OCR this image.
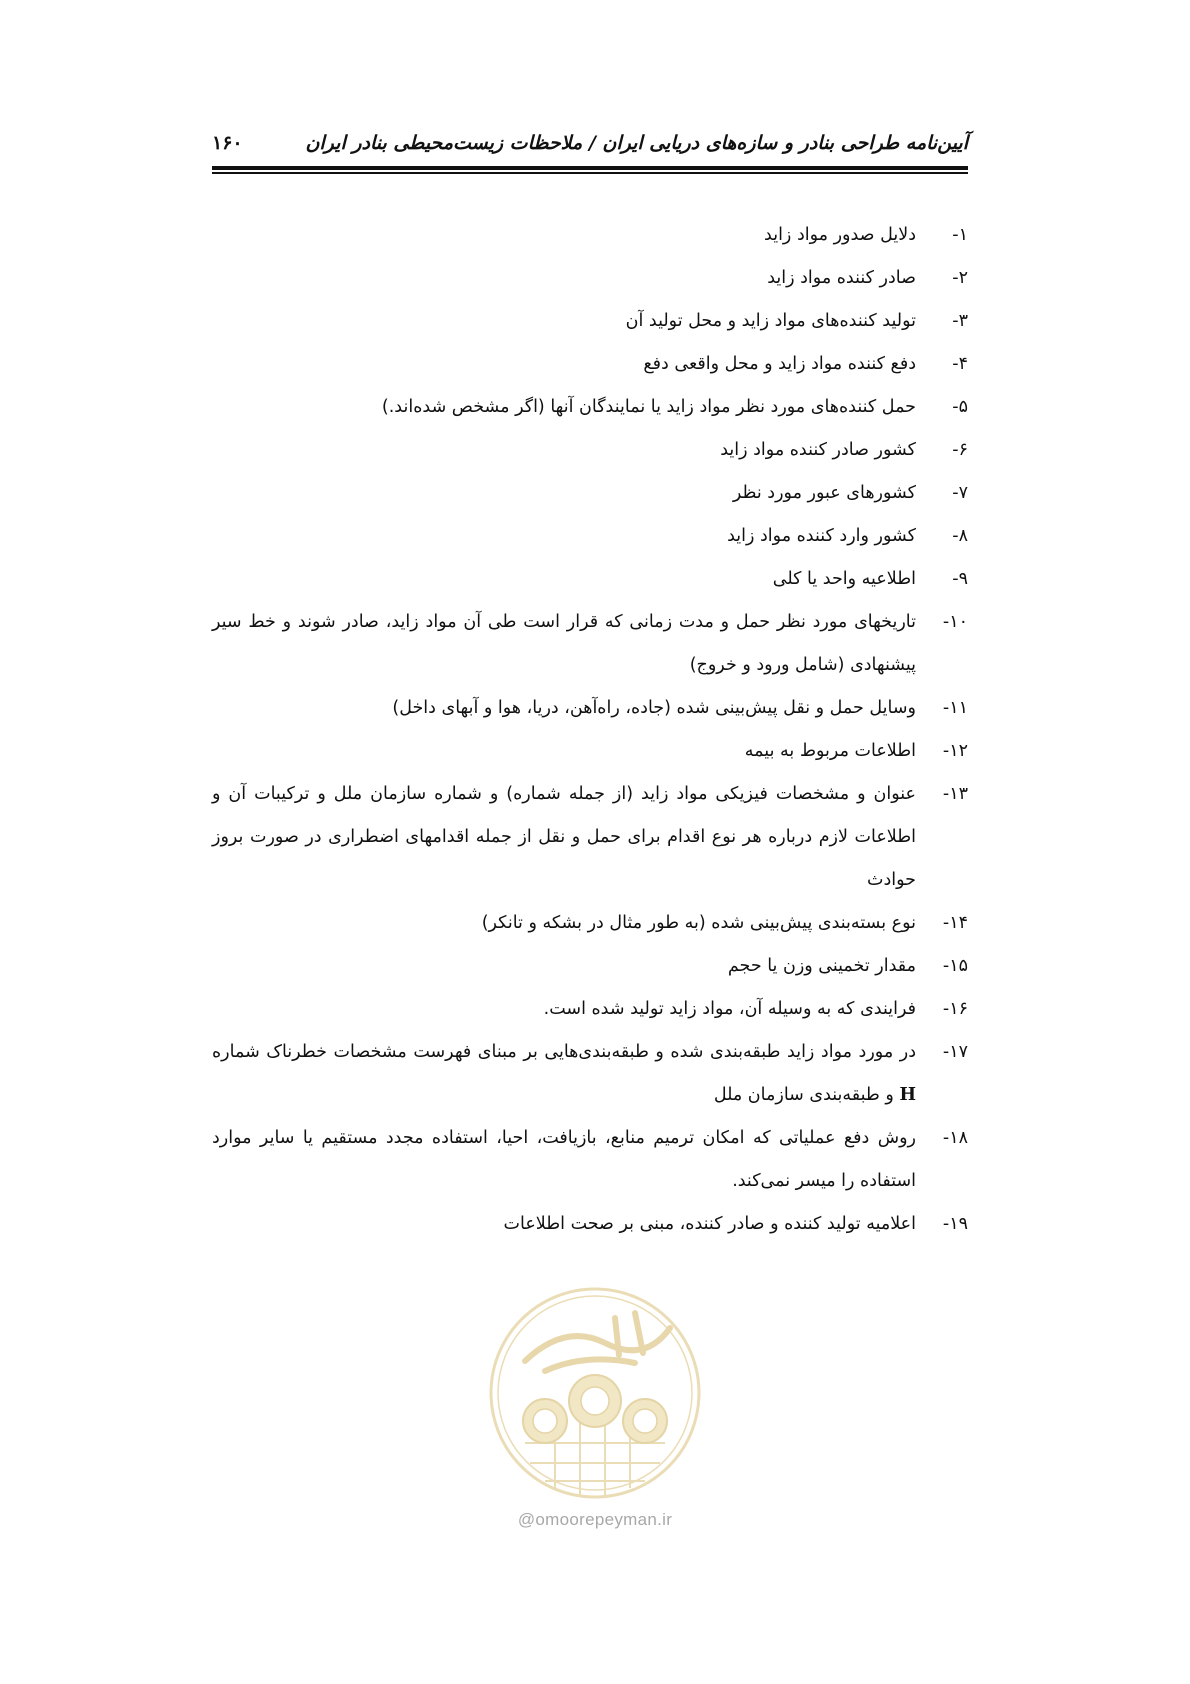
آیین‌نامه طراحی بنادر و سازه‌های دریایی ایران / ملاحظات زیست‌محیطی بنادر ایران
۱۶۰
۱-
دلایل صدور مواد زاید
۲-
صادر کننده مواد زاید
۳-
تولید کننده‌های مواد زاید و محل تولید آن
۴-
دفع کننده مواد زاید و محل واقعی دفع
۵-
حمل کننده‌های مورد نظر مواد زاید یا نمایندگان آنها (اگر مشخص شده‌اند.)
۶-
کشور صادر کننده مواد زاید
۷-
کشورهای عبور مورد نظر
۸-
کشور وارد کننده مواد زاید
۹-
اطلاعیه واحد یا کلی
۱۰-
تاریخهای مورد نظر حمل و مدت زمانی که قرار است طی آن مواد زاید، صادر شوند و خط سیر پیشنهادی (شامل ورود و خروج)
۱۱-
وسایل حمل و نقل پیش‌بینی شده (جاده، راه‌آهن، دریا، هوا و آبهای داخل)
۱۲-
اطلاعات مربوط به بیمه
۱۳-
عنوان و مشخصات فیزیکی مواد زاید (از جمله شماره) و شماره سازمان ملل و ترکیبات آن و اطلاعات لازم درباره هر نوع اقدام برای حمل و نقل از جمله اقدامهای اضطراری در صورت بروز حوادث
۱۴-
نوع بسته‌بندی پیش‌بینی شده (به طور مثال در بشکه و تانکر)
۱۵-
مقدار تخمینی وزن یا حجم
۱۶-
فرایندی که به وسیله آن، مواد زاید تولید شده است.
۱۷-
در مورد مواد زاید طبقه‌بندی شده و طبقه‌بندی‌هایی بر مبنای فهرست مشخصات خطرناک شماره H و طبقه‌بندی سازمان ملل
۱۸-
روش دفع عملیاتی که امکان ترمیم منابع، بازیافت، احیا، استفاده مجدد مستقیم یا سایر موارد استفاده را میسر نمی‌کند.
۱۹-
اعلامیه تولید کننده و صادر کننده، مبنی بر صحت اطلاعات
@omoorepeyman.ir
